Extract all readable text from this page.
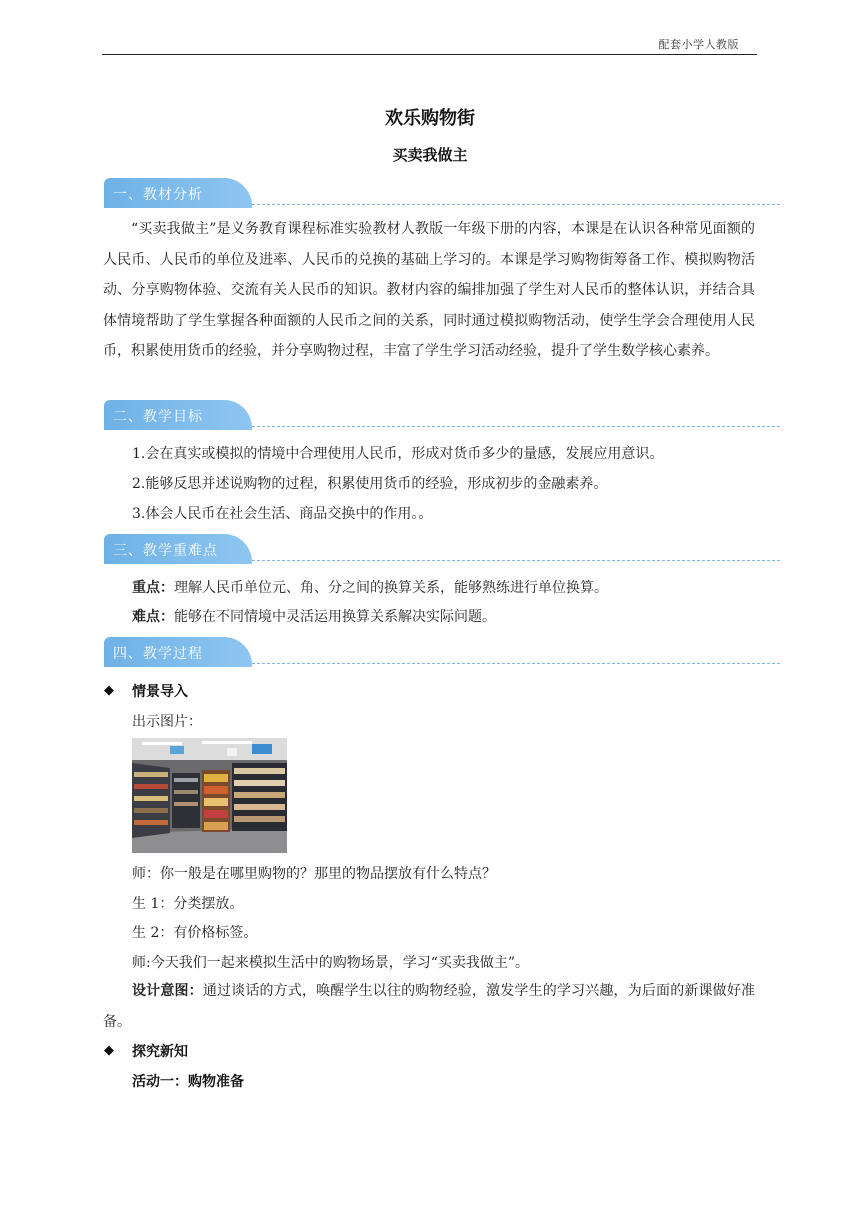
配套小学人教版
欢乐购物街
买卖我做主
一、教材分析
“买卖我做主”是义务教育课程标准实验教材人教版一年级下册的内容，本课是在认识各种常见面额的人民币、人民币的单位及进率、人民币的兑换的基础上学习的。本课是学习购物街筹备工作、模拟购物活动、分享购物体验、交流有关人民币的知识。教材内容的编排加强了学生对人民币的整体认识，并结合具体情境帮助了学生掌握各种面额的人民币之间的关系，同时通过模拟购物活动，使学生学会合理使用人民币，积累使用货币的经验，并分享购物过程，丰富了学生学习活动经验，提升了学生数学核心素养。
二、教学目标
1.会在真实或模拟的情境中合理使用人民币，形成对货币多少的量感，发展应用意识。
2.能够反思并述说购物的过程，积累使用货币的经验，形成初步的金融素养。
3.体会人民币在社会生活、商品交换中的作用。。
三、教学重难点
重点：理解人民币单位元、角、分之间的换算关系，能够熟练进行单位换算。
难点：能够在不同情境中灵活运用换算关系解决实际问题。
四、教学过程
◆ 情景导入
出示图片：
师：你一般是在哪里购物的？那里的物品摆放有什么特点？
生 1：分类摆放。
生 2：有价格标签。
师:今天我们一起来模拟生活中的购物场景，学习“买卖我做主”。
设计意图：通过谈话的方式，唤醒学生以往的购物经验，激发学生的学习兴趣，为后面的新课做好准备。
◆ 探究新知
活动一：购物准备
